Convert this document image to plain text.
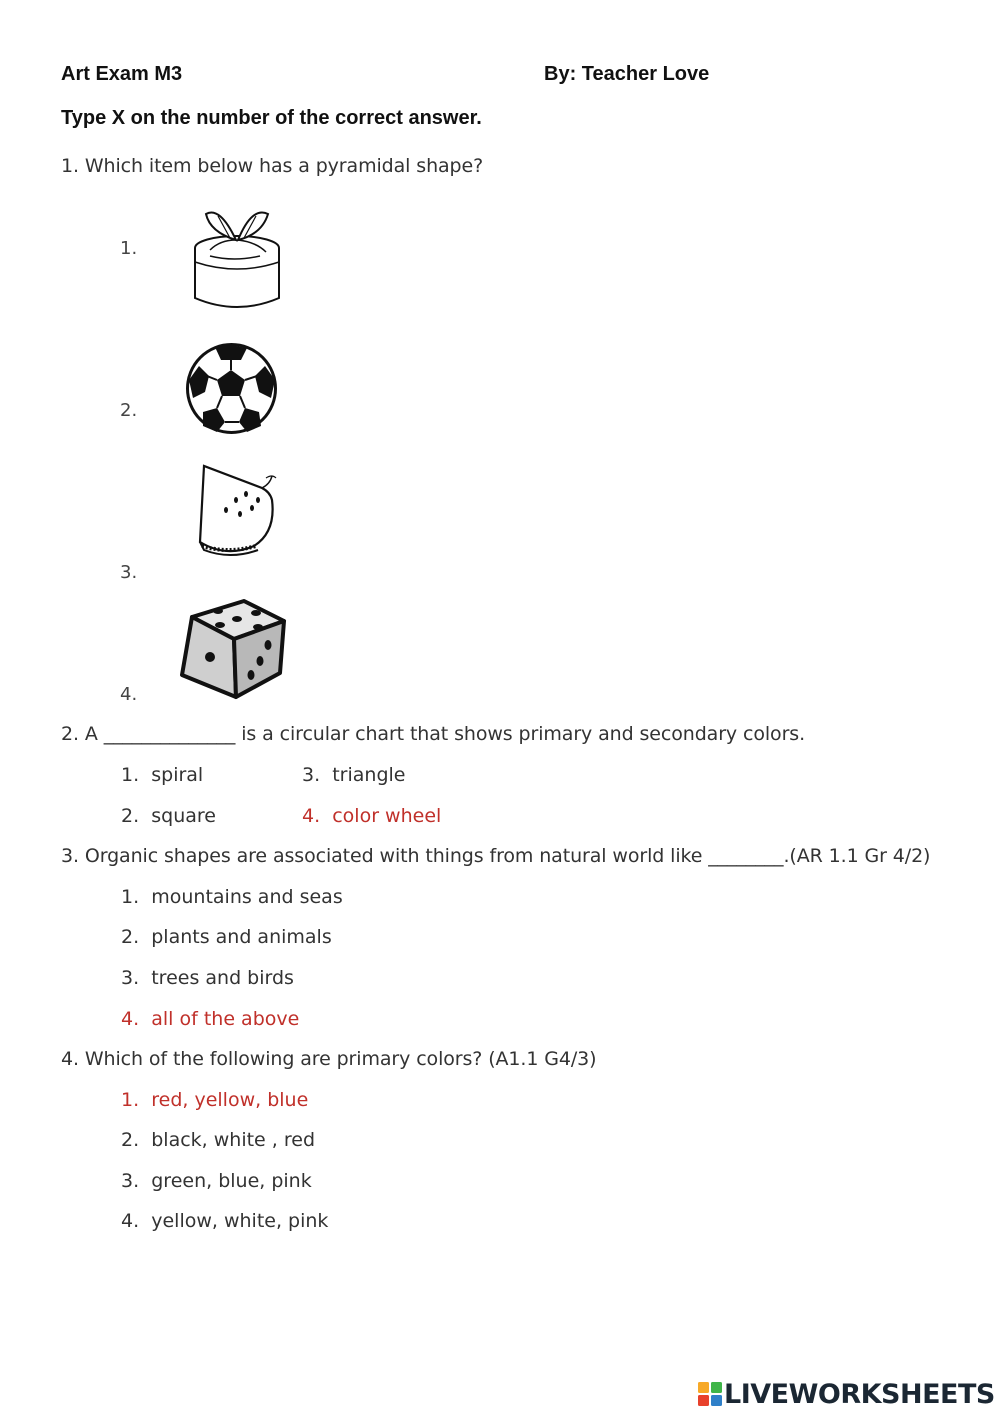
Art Exam M3	By: Teacher Love
Type X on the number of the correct answer.
1. Which item below has a pyramidal shape?
1.
2.
3.
4.
2. A ______________ is a circular chart that shows primary and secondary colors.
1. spiral
2. square
3. triangle
4. color wheel
3. Organic shapes are associated with things from natural world like ________.(AR 1.1 Gr 4/2)
1. mountains and seas
2. plants and animals
3. trees and birds
4. all of the above
4. Which of the following are primary colors? (A1.1 G4/3)
1. red, yellow, blue
2. black, white , red
3. green, blue, pink
4. yellow, white, pink
LIVEWORKSHEETS
